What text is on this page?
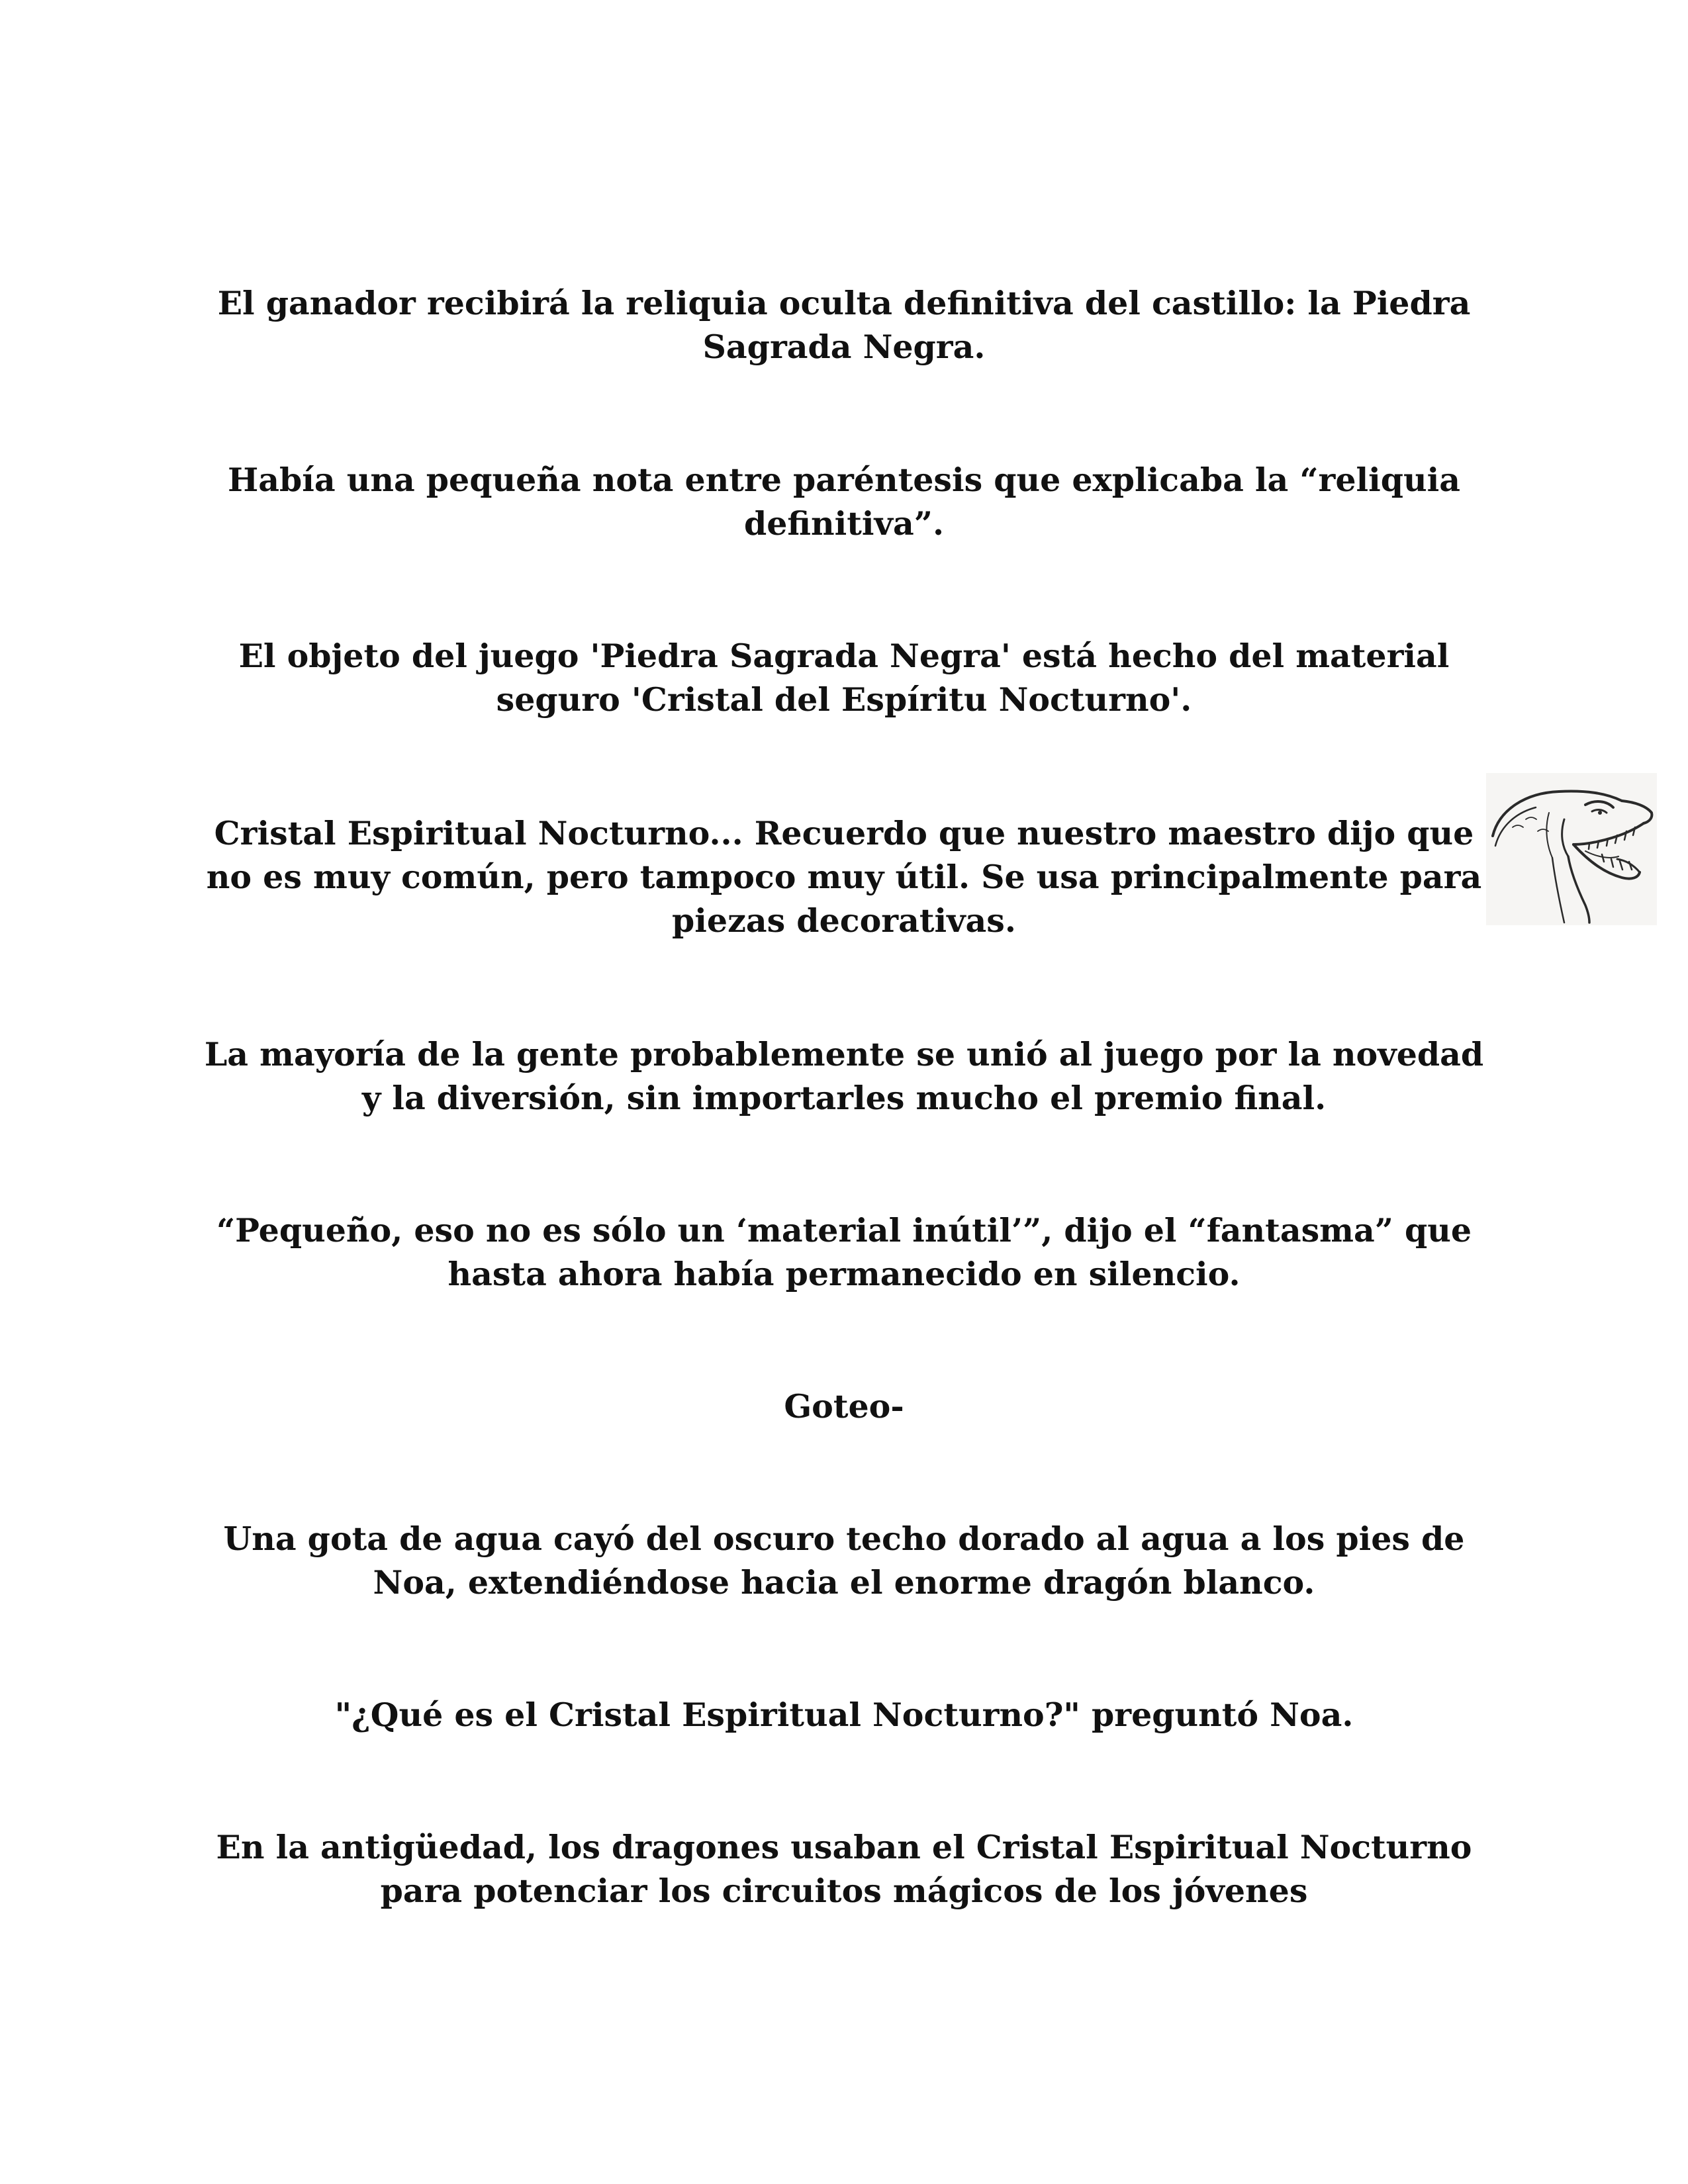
El ganador recibirá la reliquia oculta definitiva del castillo: la Piedra Sagrada Negra.

Había una pequeña nota entre paréntesis que explicaba la “reliquia definitiva”.

El objeto del juego 'Piedra Sagrada Negra' está hecho del material seguro 'Cristal del Espíritu Nocturno'.

Cristal Espiritual Nocturno... Recuerdo que nuestro maestro dijo que no es muy común, pero tampoco muy útil. Se usa principalmente para piezas decorativas.

La mayoría de la gente probablemente se unió al juego por la novedad y la diversión, sin importarles mucho el premio final.

“Pequeño, eso no es sólo un ‘material inútil’”, dijo el “fantasma” que hasta ahora había permanecido en silencio.

Goteo-

Una gota de agua cayó del oscuro techo dorado al agua a los pies de Noa, extendiéndose hacia el enorme dragón blanco.

"¿Qué es el Cristal Espiritual Nocturno?" preguntó Noa.

En la antigüedad, los dragones usaban el Cristal Espiritual Nocturno para potenciar los circuitos mágicos de los jóvenes
